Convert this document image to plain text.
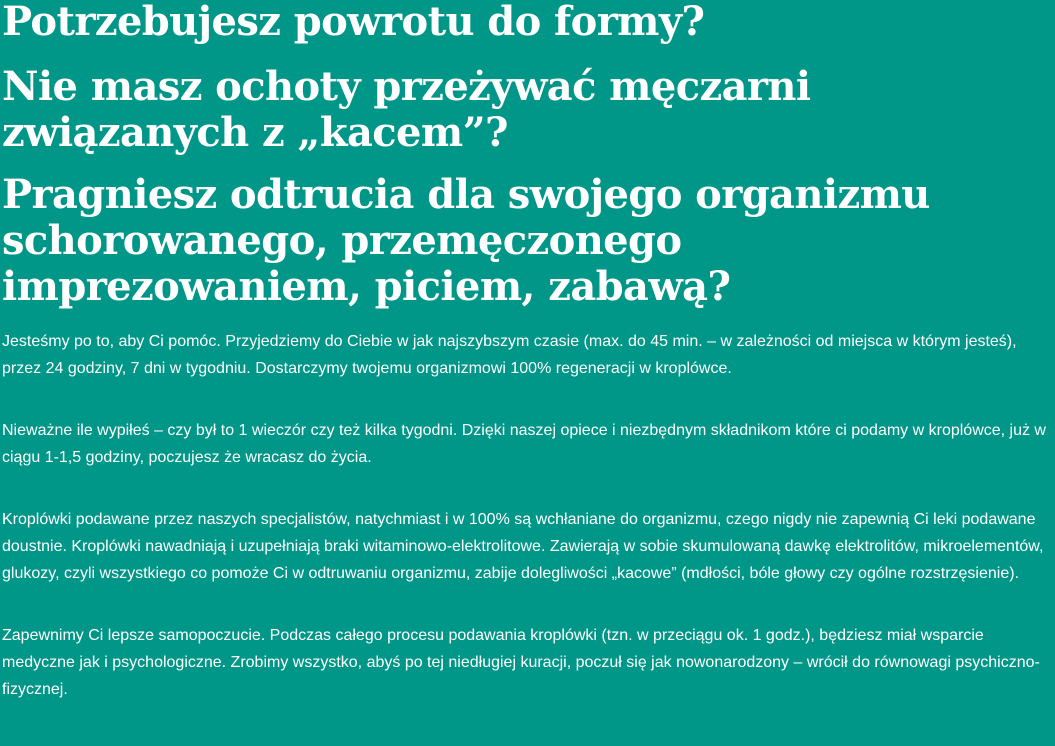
Potrzebujesz powrotu do formy?
Nie masz ochoty przeżywać męczarni związanych z „kacem”?
Pragniesz odtrucia dla swojego organizmu schorowanego, przemęczonego imprezowaniem, piciem, zabawą?

Jesteśmy po to, aby Ci pomóc. Przyjedziemy do Ciebie w jak najszybszym czasie (max. do 45 min. – w zależności od miejsca w którym jesteś), przez 24 godziny, 7 dni w tygodniu. Dostarczymy twojemu organizmowi 100% regeneracji w kroplówce.

Nieważne ile wypiłeś – czy był to 1 wieczór czy też kilka tygodni. Dzięki naszej opiece i niezbędnym składnikom które ci podamy w kroplówce, już w ciągu 1-1,5 godziny, poczujesz że wracasz do życia.

Kroplówki podawane przez naszych specjalistów, natychmiast i w 100% są wchłaniane do organizmu, czego nigdy nie zapewnią Ci leki podawane doustnie. Kroplówki nawadniają i uzupełniają braki witaminowo-elektrolitowe. Zawierają w sobie skumulowaną dawkę elektrolitów, mikroelementów, glukozy, czyli wszystkiego co pomoże Ci w odtruwaniu organizmu, zabije dolegliwości „kacowe” (mdłości, bóle głowy czy ogólne rozstrzęsienie).

Zapewnimy Ci lepsze samopoczucie. Podczas całego procesu podawania kroplówki (tzn. w przeciągu ok. 1 godz.), będziesz miał wsparcie medyczne jak i psychologiczne. Zrobimy wszystko, abyś po tej niedługiej kuracji, poczuł się jak nowonarodzony – wrócił do równowagi psychiczno-fizycznej.
